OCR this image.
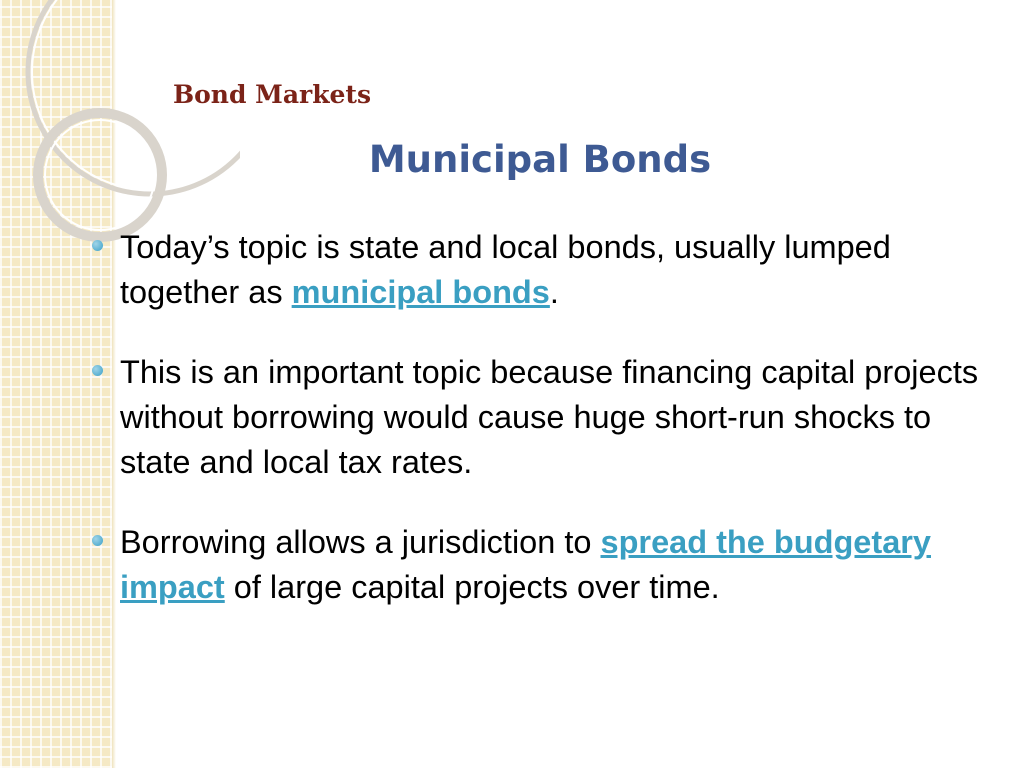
Bond Markets
Municipal Bonds
Today’s topic is state and local bonds, usually lumped together as municipal bonds.
This is an important topic because financing capital projects without borrowing would cause huge short-run shocks to state and local tax rates.
Borrowing allows a jurisdiction to spread the budgetary impact of large capital projects over time.
